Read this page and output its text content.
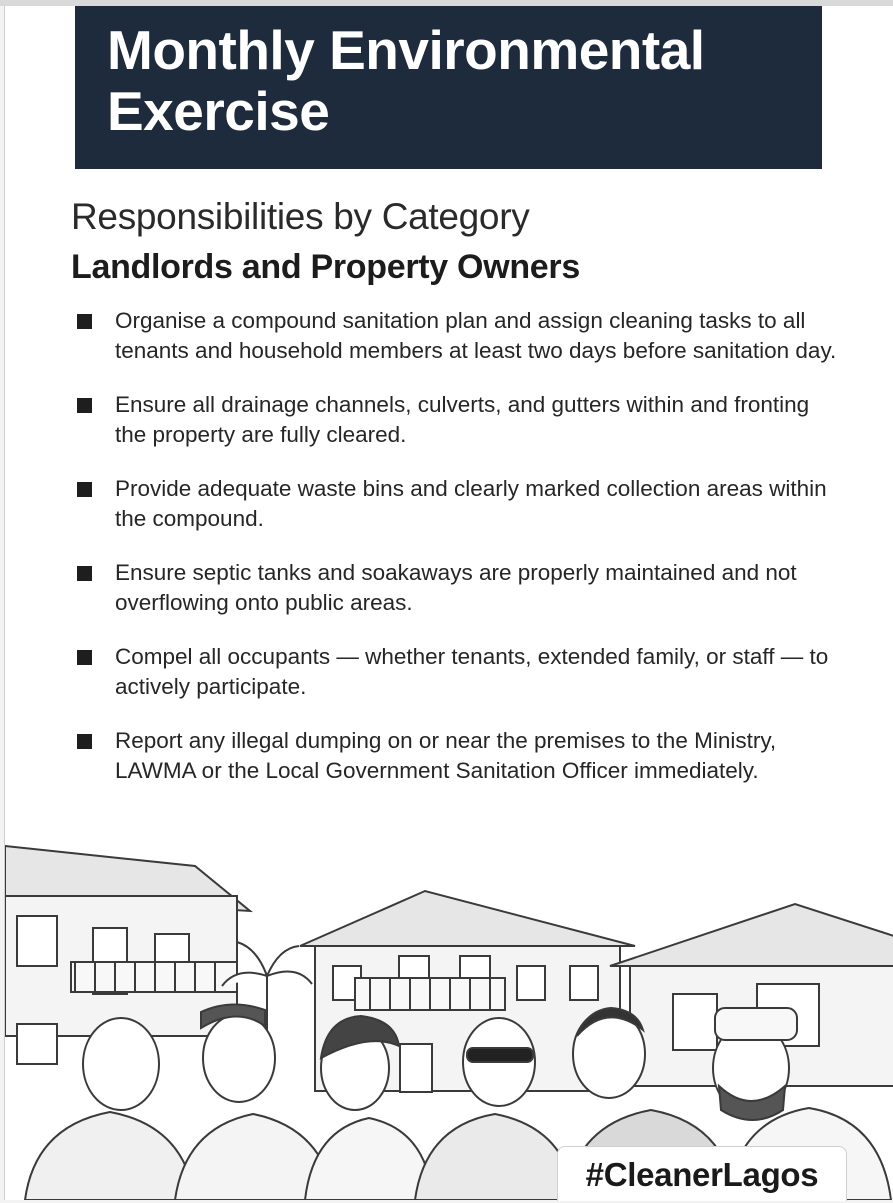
Monthly Environmental Exercise
Responsibilities by Category
Landlords and Property Owners
Organise a compound sanitation plan and assign cleaning tasks to all tenants and household members at least two days before sanitation day.
Ensure all drainage channels, culverts, and gutters within and fronting the property are fully cleared.
Provide adequate waste bins and clearly marked collection areas within the compound.
Ensure septic tanks and soakaways are properly maintained and not overflowing onto public areas.
Compel all occupants — whether tenants, extended family, or staff — to actively participate.
Report any illegal dumping on or near the premises to the Ministry, LAWMA or the Local Government Sanitation Officer immediately.
#CleanerLagos
